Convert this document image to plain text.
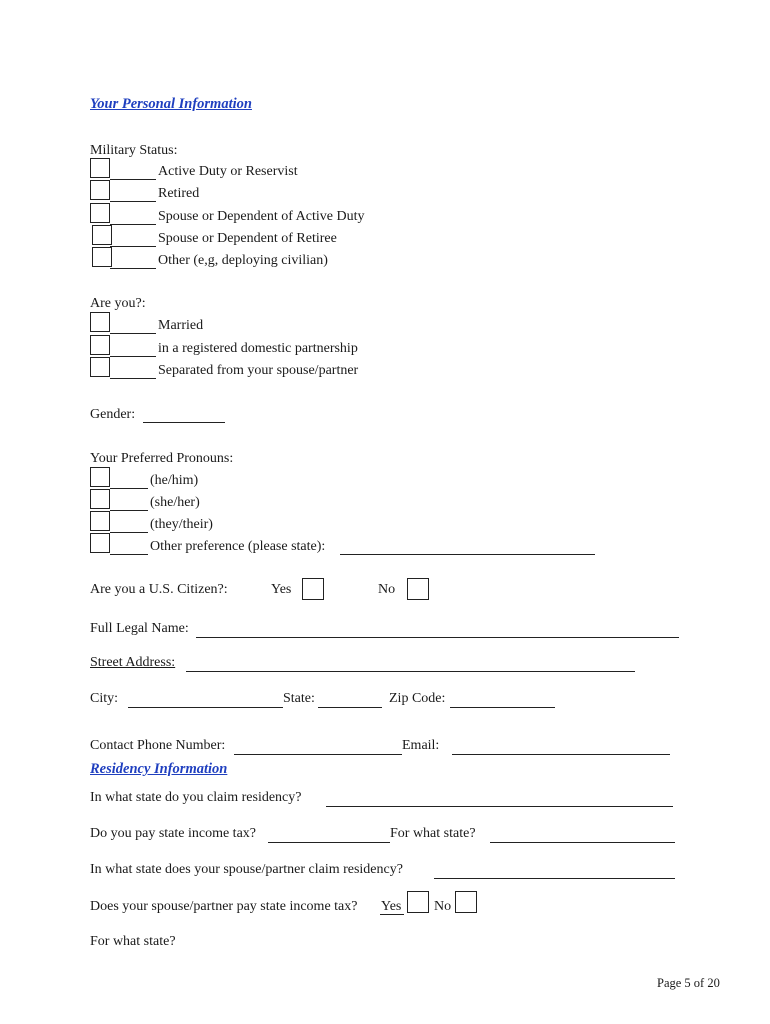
Your Personal Information
Military Status:
Active Duty or Reservist
Retired
Spouse or Dependent of Active Duty
Spouse or Dependent of Retiree
Other (e,g, deploying civilian)
Are you?:
Married
in a registered domestic partnership
Separated from your spouse/partner
Gender:
Your Preferred Pronouns:
(he/him)
(she/her)
(they/their)
Other preference (please state):
Are you a U.S. Citizen?:	Yes	No
Full Legal Name:
Street Address:
City:	State:	Zip Code:
Contact Phone Number:	Email:
Residency Information
In what state do you claim residency?
Do you pay state income tax?	For what state?
In what state does your spouse/partner claim residency?
Does your spouse/partner pay state income tax? Yes No
For what state?
Page 5 of 20
